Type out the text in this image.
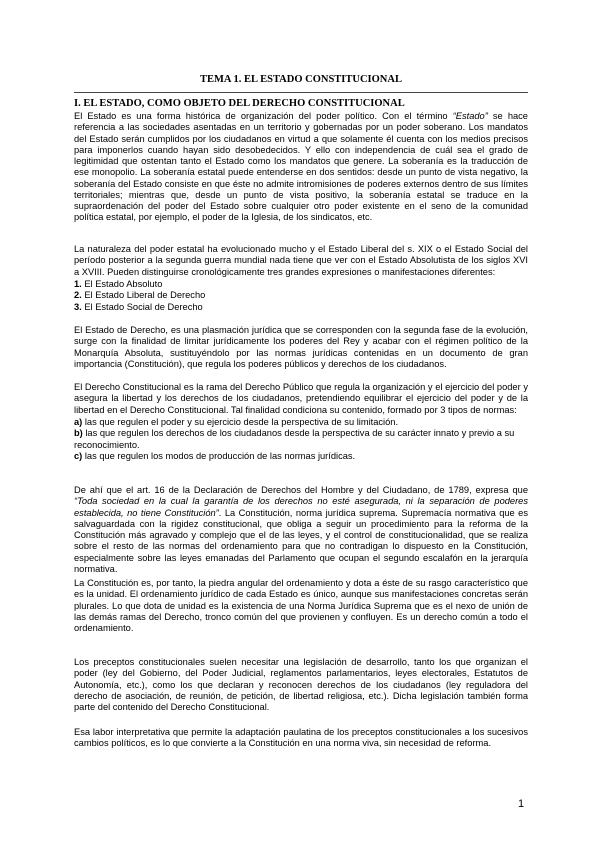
TEMA 1. EL ESTADO CONSTITUCIONAL
I. EL ESTADO, COMO OBJETO DEL DERECHO CONSTITUCIONAL

El Estado es una forma histórica de organización del poder político. Con el término “Estado” se hace referencia a las sociedades asentadas en un territorio y gobernadas por un poder soberano. Los mandatos del Estado serán cumplidos por los ciudadanos en virtud a que solamente él cuenta con los medios precisos para imponerlos cuando hayan sido desobedecidos. Y ello con independencia de cuál sea el grado de legitimidad que ostentan tanto el Estado como los mandatos que genere. La soberanía es la traducción de ese monopolio. La soberanía estatal puede entenderse en dos sentidos: desde un punto de vista negativo, la soberanía del Estado consiste en que éste no admite intromisiones de poderes externos dentro de sus límites territoriales; mientras que, desde un punto de vista positivo, la soberanía estatal se traduce en la supraordenación del poder del Estado sobre cualquier otro poder existente en el seno de la comunidad política estatal, por ejemplo, el poder de la Iglesia, de los sindicatos, etc.

La naturaleza del poder estatal ha evolucionado mucho y el Estado Liberal del s. XIX o el Estado Social del período posterior a la segunda guerra mundial nada tiene que ver con el Estado Absolutista de los siglos XVI a XVIII. Pueden distinguirse cronológicamente tres grandes expresiones o manifestaciones diferentes:

1. El Estado Absoluto
2. El Estado Liberal de Derecho
3. El Estado Social de Derecho

El Estado de Derecho, es una plasmación jurídica que se corresponden con la segunda fase de la evolución, surge con la finalidad de limitar jurídicamente los poderes del Rey y acabar con el régimen político de la Monarquía Absoluta, sustituyéndolo por las normas jurídicas contenidas en un documento de gran importancia (Constitución), que regula los poderes públicos y derechos de los ciudadanos.

El Derecho Constitucional es la rama del Derecho Público que regula la organización y el ejercicio del poder y asegura la libertad y los derechos de los ciudadanos, pretendiendo equilibrar el ejercicio del poder y de la libertad en el Derecho Constitucional. Tal finalidad condiciona su contenido, formado por 3 tipos de normas:

a) las que regulen el poder y su ejercicio desde la perspectiva de su limitación.
b) las que regulen los derechos de los ciudadanos desde la perspectiva de su carácter innato y previo a su reconocimiento.
c) las que regulen los modos de producción de las normas jurídicas.

De ahí que el art. 16 de la Declaración de Derechos del Hombre y del Ciudadano, de 1789, expresa que “Toda sociedad en la cual la garantía de los derechos no esté asegurada, ni la separación de poderes establecida, no tiene Constitución”. La Constitución, norma jurídica suprema. Supremacía normativa que es salvaguardada con la rigidez constitucional, que obliga a seguir un procedimiento para la reforma de la Constitución más agravado y complejo que el de las leyes, y el control de constitucionalidad, que se realiza sobre el resto de las normas del ordenamiento para que no contradigan lo dispuesto en la Constitución, especialmente sobre las leyes emanadas del Parlamento que ocupan el segundo escalafón en la jerarquía normativa.

La Constitución es, por tanto, la piedra angular del ordenamiento y dota a éste de su rasgo característico que es la unidad. El ordenamiento jurídico de cada Estado es único, aunque sus manifestaciones concretas serán plurales. Lo que dota de unidad es la existencia de una Norma Jurídica Suprema que es el nexo de unión de las demás ramas del Derecho, tronco común del que provienen y confluyen. Es un derecho común a todo el ordenamiento.

Los preceptos constitucionales suelen necesitar una legislación de desarrollo, tanto los que organizan el poder (ley del Gobierno, del Poder Judicial, reglamentos parlamentarios, leyes electorales, Estatutos de Autonomía, etc.), como los que declaran y reconocen derechos de los ciudadanos (ley reguladora del derecho de asociación, de reunión, de petición, de libertad religiosa, etc.). Dicha legislación también forma parte del contenido del Derecho Constitucional.

Esa labor interpretativa que permite la adaptación paulatina de los preceptos constitucionales a los sucesivos cambios políticos, es lo que convierte a la Constitución en una norma viva, sin necesidad de reforma.

1
